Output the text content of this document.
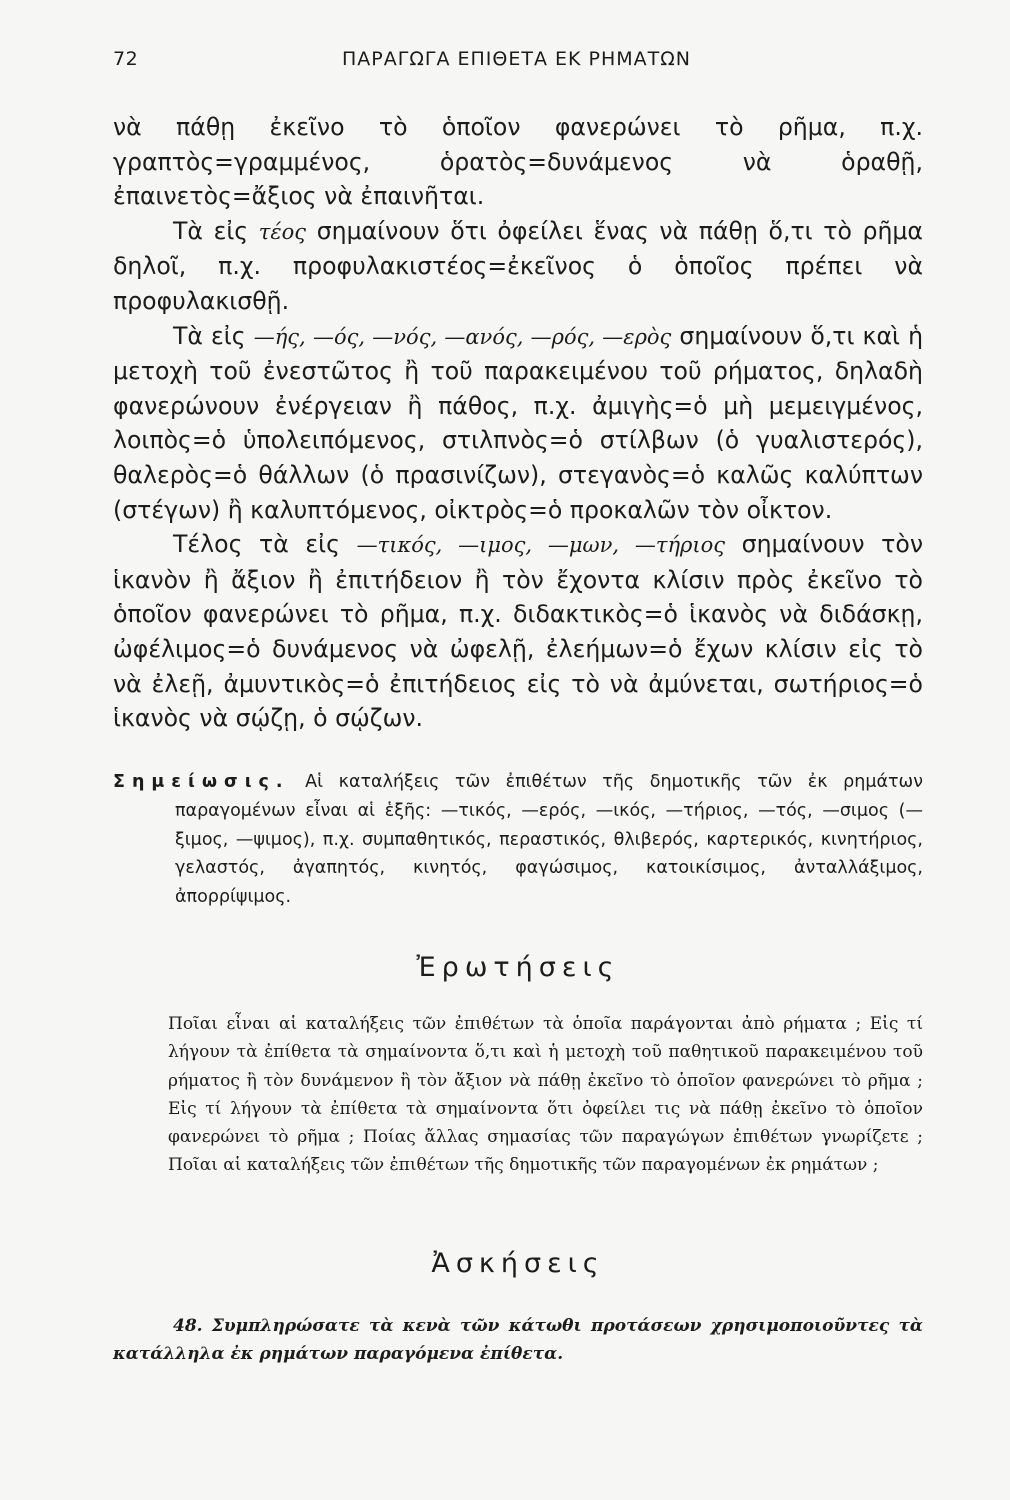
72	ΠΑΡΑΓΩΓΑ ΕΠΙΘΕΤΑ ΕΚ ΡΗΜΑΤΩΝ

νὰ πάθῃ ἐκεῖνο τὸ ὁποῖον φανερώνει τὸ ρῆμα, π.χ. γραπτὸς=γραμμένος, ὁρατὸς=δυνάμενος νὰ ὁραθῇ, ἐπαινετὸς=ἄξιος νὰ ἐπαινῆται.

Τὰ εἰς τέος σημαίνουν ὅτι ὀφείλει ἕνας νὰ πάθῃ ὅ,τι τὸ ρῆμα δηλοῖ, π.χ. προφυλακιστέος=ἐκεῖνος ὁ ὁποῖος πρέπει νὰ προφυλακισθῇ.

Τὰ εἰς —ής, —ός, —νός, —ανός, —ρός, —ερὸς σημαίνουν ὅ,τι καὶ ἡ μετοχὴ τοῦ ἐνεστῶτος ἢ τοῦ παρακειμένου τοῦ ρήματος, δηλαδὴ φανερώνουν ἐνέργειαν ἢ πάθος, π.χ. ἀμιγὴς=ὁ μὴ μεμειγμένος, λοιπὸς=ὁ ὑπολειπόμενος, στιλπνὸς=ὁ στίλβων (ὁ γυαλιστερός), θαλερὸς=ὁ θάλλων (ὁ πρασινίζων), στεγανὸς=ὁ καλῶς καλύπτων (στέγων) ἢ καλυπτόμενος, οἰκτρὸς=ὁ προκαλῶν τὸν οἶκτον.

Τέλος τὰ εἰς —τικός, —ιμος, —μων, —τήριος σημαίνουν τὸν ἱκανὸν ἢ ἄξιον ἢ ἐπιτήδειον ἢ τὸν ἔχοντα κλίσιν πρὸς ἐκεῖνο τὸ ὁποῖον φανερώνει τὸ ρῆμα, π.χ. διδακτικὸς=ὁ ἱκανὸς νὰ διδάσκῃ, ὠφέλιμος=ὁ δυνάμενος νὰ ὠφελῇ, ἐλεήμων=ὁ ἔχων κλίσιν εἰς τὸ νὰ ἐλεῇ, ἀμυντικὸς=ὁ ἐπιτήδειος εἰς τὸ νὰ ἀμύνεται, σωτήριος=ὁ ἱκανὸς νὰ σῴζῃ, ὁ σῴζων.

Σημείωσις. Αἱ καταλήξεις τῶν ἐπιθέτων τῆς δημοτικῆς τῶν ἐκ ρημάτων παραγομένων εἶναι αἱ ἑξῆς: —τικός, —ερός, —ικός, —τήριος, —τός, —σιμος (—ξιμος, —ψιμος), π.χ. συμπαθητικός, περαστικός, θλιβερός, καρτερικός, κινητήριος, γελαστός, ἀγαπητός, κινητός, φαγώσιμος, κατοικίσιμος, ἀνταλλάξιμος, ἀπορρίψιμος.

Ἐρωτήσεις

Ποῖαι εἶναι αἱ καταλήξεις τῶν ἐπιθέτων τὰ ὁποῖα παράγονται ἀπὸ ρήματα ; Εἰς τί λήγουν τὰ ἐπίθετα τὰ σημαίνοντα ὅ,τι καὶ ἡ μετοχὴ τοῦ παθητικοῦ παρακειμένου τοῦ ρήματος ἢ τὸν δυνάμενον ἢ τὸν ἄξιον νὰ πάθῃ ἐκεῖνο τὸ ὁποῖον φανερώνει τὸ ρῆμα ; Εἰς τί λήγουν τὰ ἐπίθετα τὰ σημαίνοντα ὅτι ὀφείλει τις νὰ πάθῃ ἐκεῖνο τὸ ὁποῖον φανερώνει τὸ ρῆμα ; Ποίας ἄλλας σημασίας τῶν παραγώγων ἐπιθέτων γνωρίζετε ; Ποῖαι αἱ καταλήξεις τῶν ἐπιθέτων τῆς δημοτικῆς τῶν παραγομένων ἐκ ρημάτων ;

Ἀσκήσεις

48. Συμπληρώσατε τὰ κενὰ τῶν κάτωθι προτάσεων χρησιμοποιοῦντες τὰ κατάλληλα ἐκ ρημάτων παραγόμενα ἐπίθετα.
